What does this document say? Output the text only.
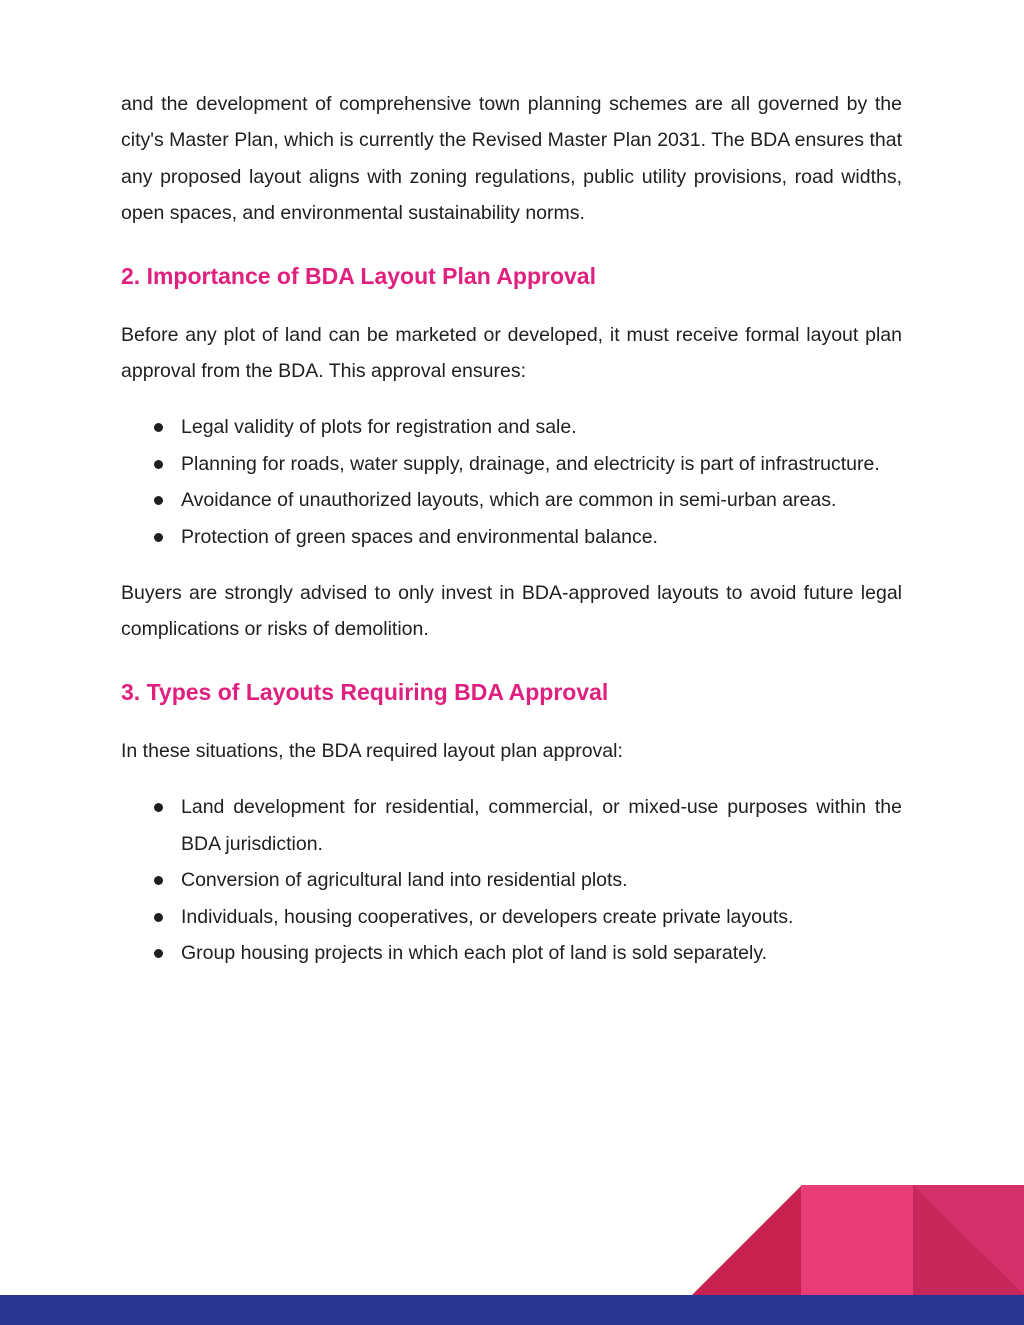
and the development of comprehensive town planning schemes are all governed by the city's Master Plan, which is currently the Revised Master Plan 2031. The BDA ensures that any proposed layout aligns with zoning regulations, public utility provisions, road widths, open spaces, and environmental sustainability norms.

2. Importance of BDA Layout Plan Approval

Before any plot of land can be marketed or developed, it must receive formal layout plan approval from the BDA. This approval ensures:

Legal validity of plots for registration and sale.
Planning for roads, water supply, drainage, and electricity is part of infrastructure.
Avoidance of unauthorized layouts, which are common in semi-urban areas.
Protection of green spaces and environmental balance.

Buyers are strongly advised to only invest in BDA-approved layouts to avoid future legal complications or risks of demolition.

3. Types of Layouts Requiring BDA Approval

In these situations, the BDA required layout plan approval:

Land development for residential, commercial, or mixed-use purposes within the BDA jurisdiction.
Conversion of agricultural land into residential plots.
Individuals, housing cooperatives, or developers create private layouts.
Group housing projects in which each plot of land is sold separately.
